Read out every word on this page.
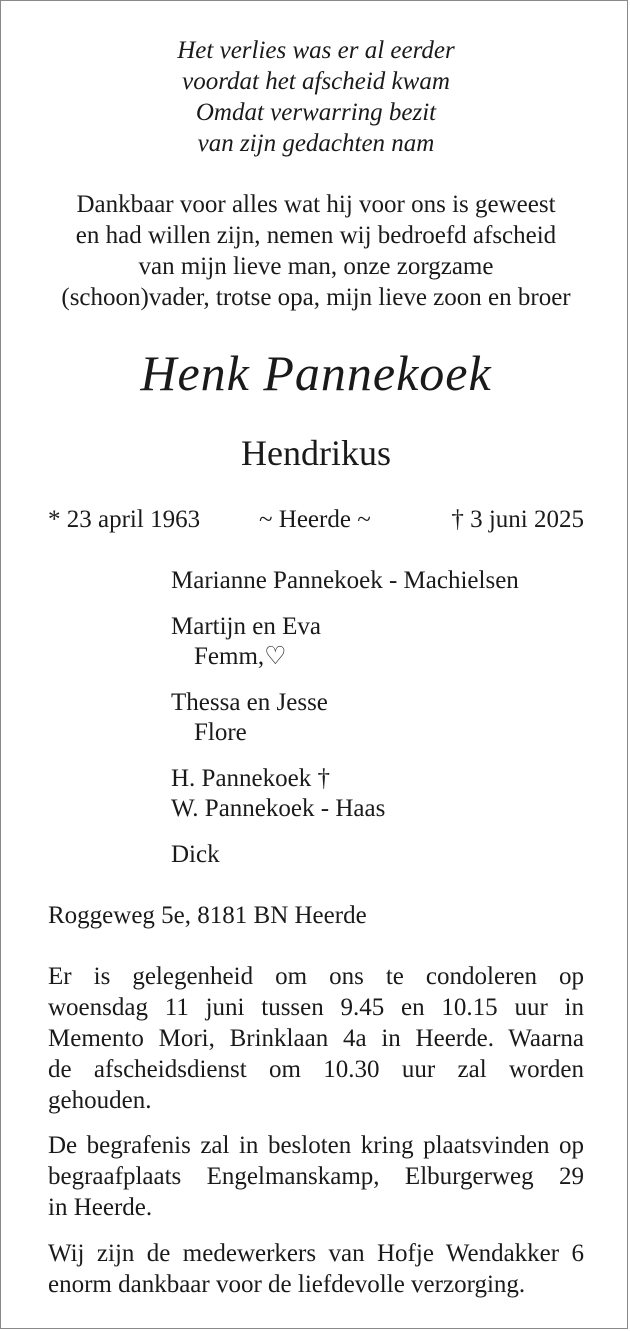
Het verlies was er al eerder
voordat het afscheid kwam
Omdat verwarring bezit
van zijn gedachten nam
Dankbaar voor alles wat hij voor ons is geweest
en had willen zijn, nemen wij bedroefd afscheid
van mijn lieve man, onze zorgzame
(schoon)vader, trotse opa, mijn lieve zoon en broer
Henk Pannekoek
Hendrikus
* 23 april 1963 ~ Heerde ~	† 3 juni 2025
Marianne Pannekoek - Machielsen
Martijn en Eva
Femm,♡
Thessa en Jesse
Flore
H. Pannekoek †
W. Pannekoek - Haas
Dick
Roggeweg 5e, 8181 BN Heerde
Er is gelegenheid om ons te condoleren op
woensdag 11 juni tussen 9.45 en 10.15 uur in
Memento Mori, Brinklaan 4a in Heerde. Waarna
de afscheidsdienst om 10.30 uur zal worden
gehouden.
De begrafenis zal in besloten kring plaatsvinden op
begraafplaats Engelmanskamp, Elburgerweg 29
in Heerde.
Wij zijn de medewerkers van Hofje Wendakker 6
enorm dankbaar voor de liefdevolle verzorging.
